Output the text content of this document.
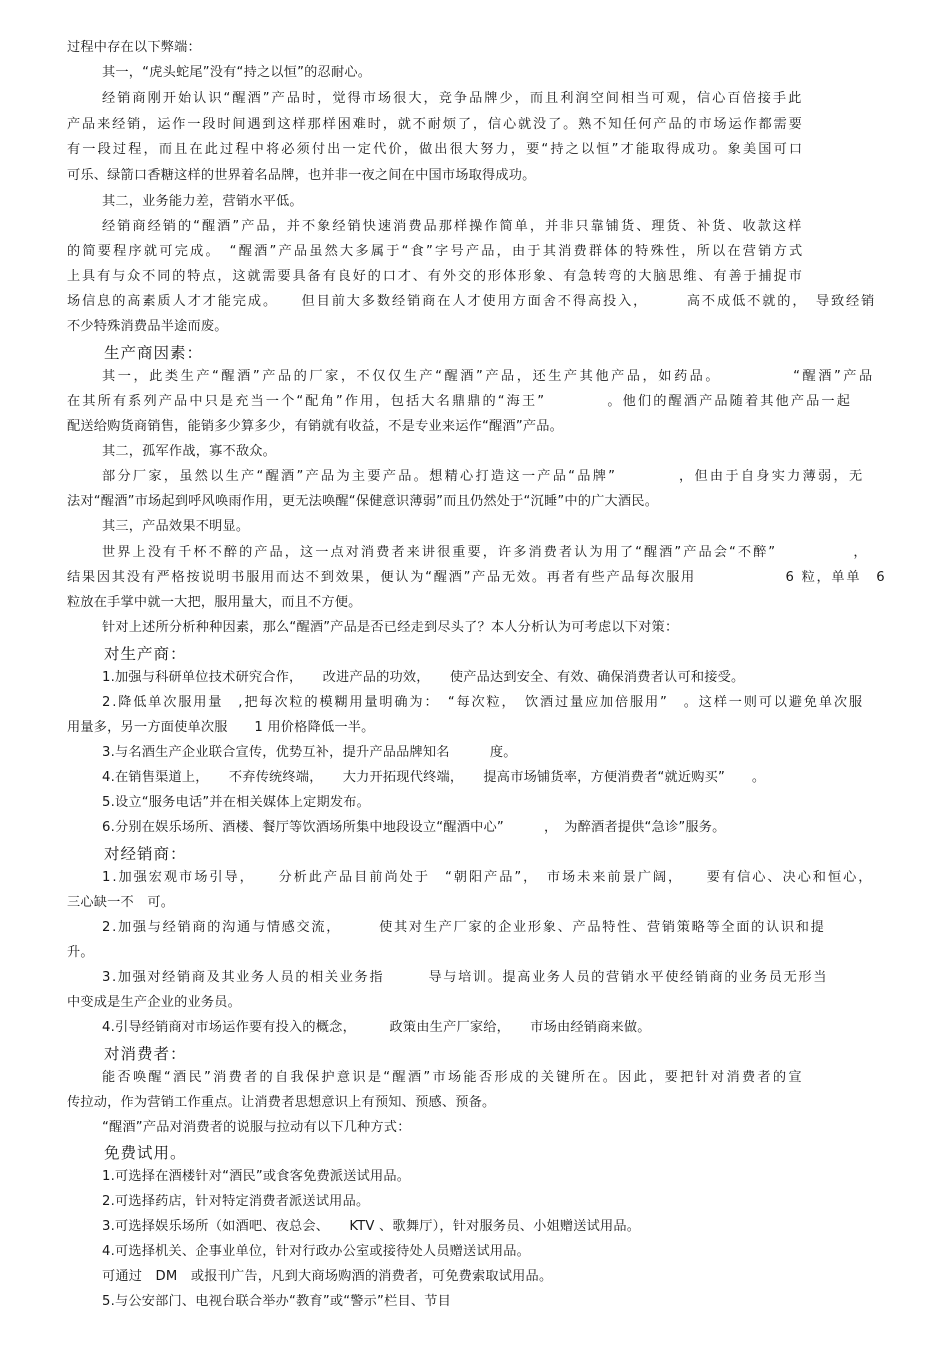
过程中存在以下弊端：
其一，“虎头蛇尾”没有“持之以恒”的忍耐心。
经销商刚开始认识“醒酒”产品时，觉得市场很大，竞争品牌少，而且利润空间相当可观，信心百倍接手此
产品来经销，运作一段时间遇到这样那样困难时，就不耐烦了，信心就没了。熟不知任何产品的市场运作都需要
有一段过程，而且在此过程中将必须付出一定代价，做出很大努力，要“持之以恒”才能取得成功。象美国可口
可乐、绿箭口香糖这样的世界着名品牌，也并非一夜之间在中国市场取得成功。
其二，业务能力差，营销水平低。
经销商经销的“醒酒”产品，并不象经销快速消费品那样操作简单，并非只靠铺货、理货、补货、收款这样
的简要程序就可完成。　“醒酒”产品虽然大多属于“食”字号产品，由于其消费群体的特殊性，所以在营销方式
上具有与众不同的特点，这就需要具备有良好的口才、有外交的形体形象、有急转弯的大脑思维、有善于捕捉市
场信息的高素质人才才能完成。　　但目前大多数经销商在人才使用方面舍不得高投入，　　　高不成低不就的，　导致经销
不少特殊消费品半途而废。
生产商因素：
其一，此类生产“醒酒”产品的厂家，不仅仅生产“醒酒”产品，还生产其他产品，如药品。　　　　　“醒酒”产品
在其所有系列产品中只是充当一个“配角”作用，包括大名鼎鼎的“海王”　　　　。他们的醒酒产品随着其他产品一起
配送给购货商销售，能销多少算多少，有销就有收益，不是专业来运作“醒酒”产品。
其二，孤军作战，寡不敌众。
部分厂家，虽然以生产“醒酒”产品为主要产品。想精心打造这一产品“品牌”　　　　，但由于自身实力薄弱，无
法对“醒酒”市场起到呼风唤雨作用，更无法唤醒“保健意识薄弱”而且仍然处于“沉睡”中的广大酒民。
其三，产品效果不明显。
世界上没有千杯不醉的产品，这一点对消费者来讲很重要，许多消费者认为用了“醒酒”产品会“不醉”　　　　　，
结果因其没有严格按说明书服用而达不到效果，便认为“醒酒”产品无效。再者有些产品每次服用　　　　　　6 粒，单单　6
粒放在手掌中就一大把，服用量大，而且不方便。
针对上述所分析种种因素，那么“醒酒”产品是否已经走到尽头了？本人分析认为可考虑以下对策：
对生产商：
1.加强与科研单位技术研究合作，　　改进产品的功效，　　使产品达到安全、有效、确保消费者认可和接受。
2.降低单次服用量　,把每次粒的模糊用量明确为：　“每次粒，　饮酒过量应加倍服用”　。这样一则可以避免单次服
用量多，另一方面使单次服　　1 用价格降低一半。
3.与名酒生产企业联合宣传，优势互补，提升产品品牌知名　　　度。
4.在销售渠道上，　　不弃传统终端，　　大力开拓现代终端，　　提高市场铺货率，方便消费者“就近购买”　　。
5.设立“服务电话”并在相关媒体上定期发布。
6.分别在娱乐场所、酒楼、餐厅等饮酒场所集中地段设立“醒酒中心”　　　，　为醉酒者提供“急诊”服务。
对经销商：
1.加强宏观市场引导，　　分析此产品目前尚处于　“朝阳产品”，　市场未来前景广阔，　　要有信心、决心和恒心，
三心缺一不　可。
2.加强与经销商的沟通与情感交流，　　　使其对生产厂家的企业形象、产品特性、营销策略等全面的认识和提
升。
3.加强对经销商及其业务人员的相关业务指　　　导与培训。提高业务人员的营销水平使经销商的业务员无形当
中变成是生产企业的业务员。
4.引导经销商对市场运作要有投入的概念，　　　政策由生产厂家给，　　市场由经销商来做。
对消费者：
能否唤醒“酒民”消费者的自我保护意识是“醒酒”市场能否形成的关键所在。因此，要把针对消费者的宣
传拉动，作为营销工作重点。让消费者思想意识上有预知、预感、预备。
“醒酒”产品对消费者的说服与拉动有以下几种方式：
免费试用。
1.可选择在酒楼针对“酒民”或食客免费派送试用品。
2.可选择药店，针对特定消费者派送试用品。
3.可选择娱乐场所（如酒吧、夜总会、　　KTV 、歌舞厅），针对服务员、小姐赠送试用品。
4.可选择机关、企事业单位，针对行政办公室或接待处人员赠送试用品。
可通过　DM　或报刊广告，凡到大商场购酒的消费者，可免费索取试用品。
5.与公安部门、电视台联合举办“教育”或“警示”栏目、节目
